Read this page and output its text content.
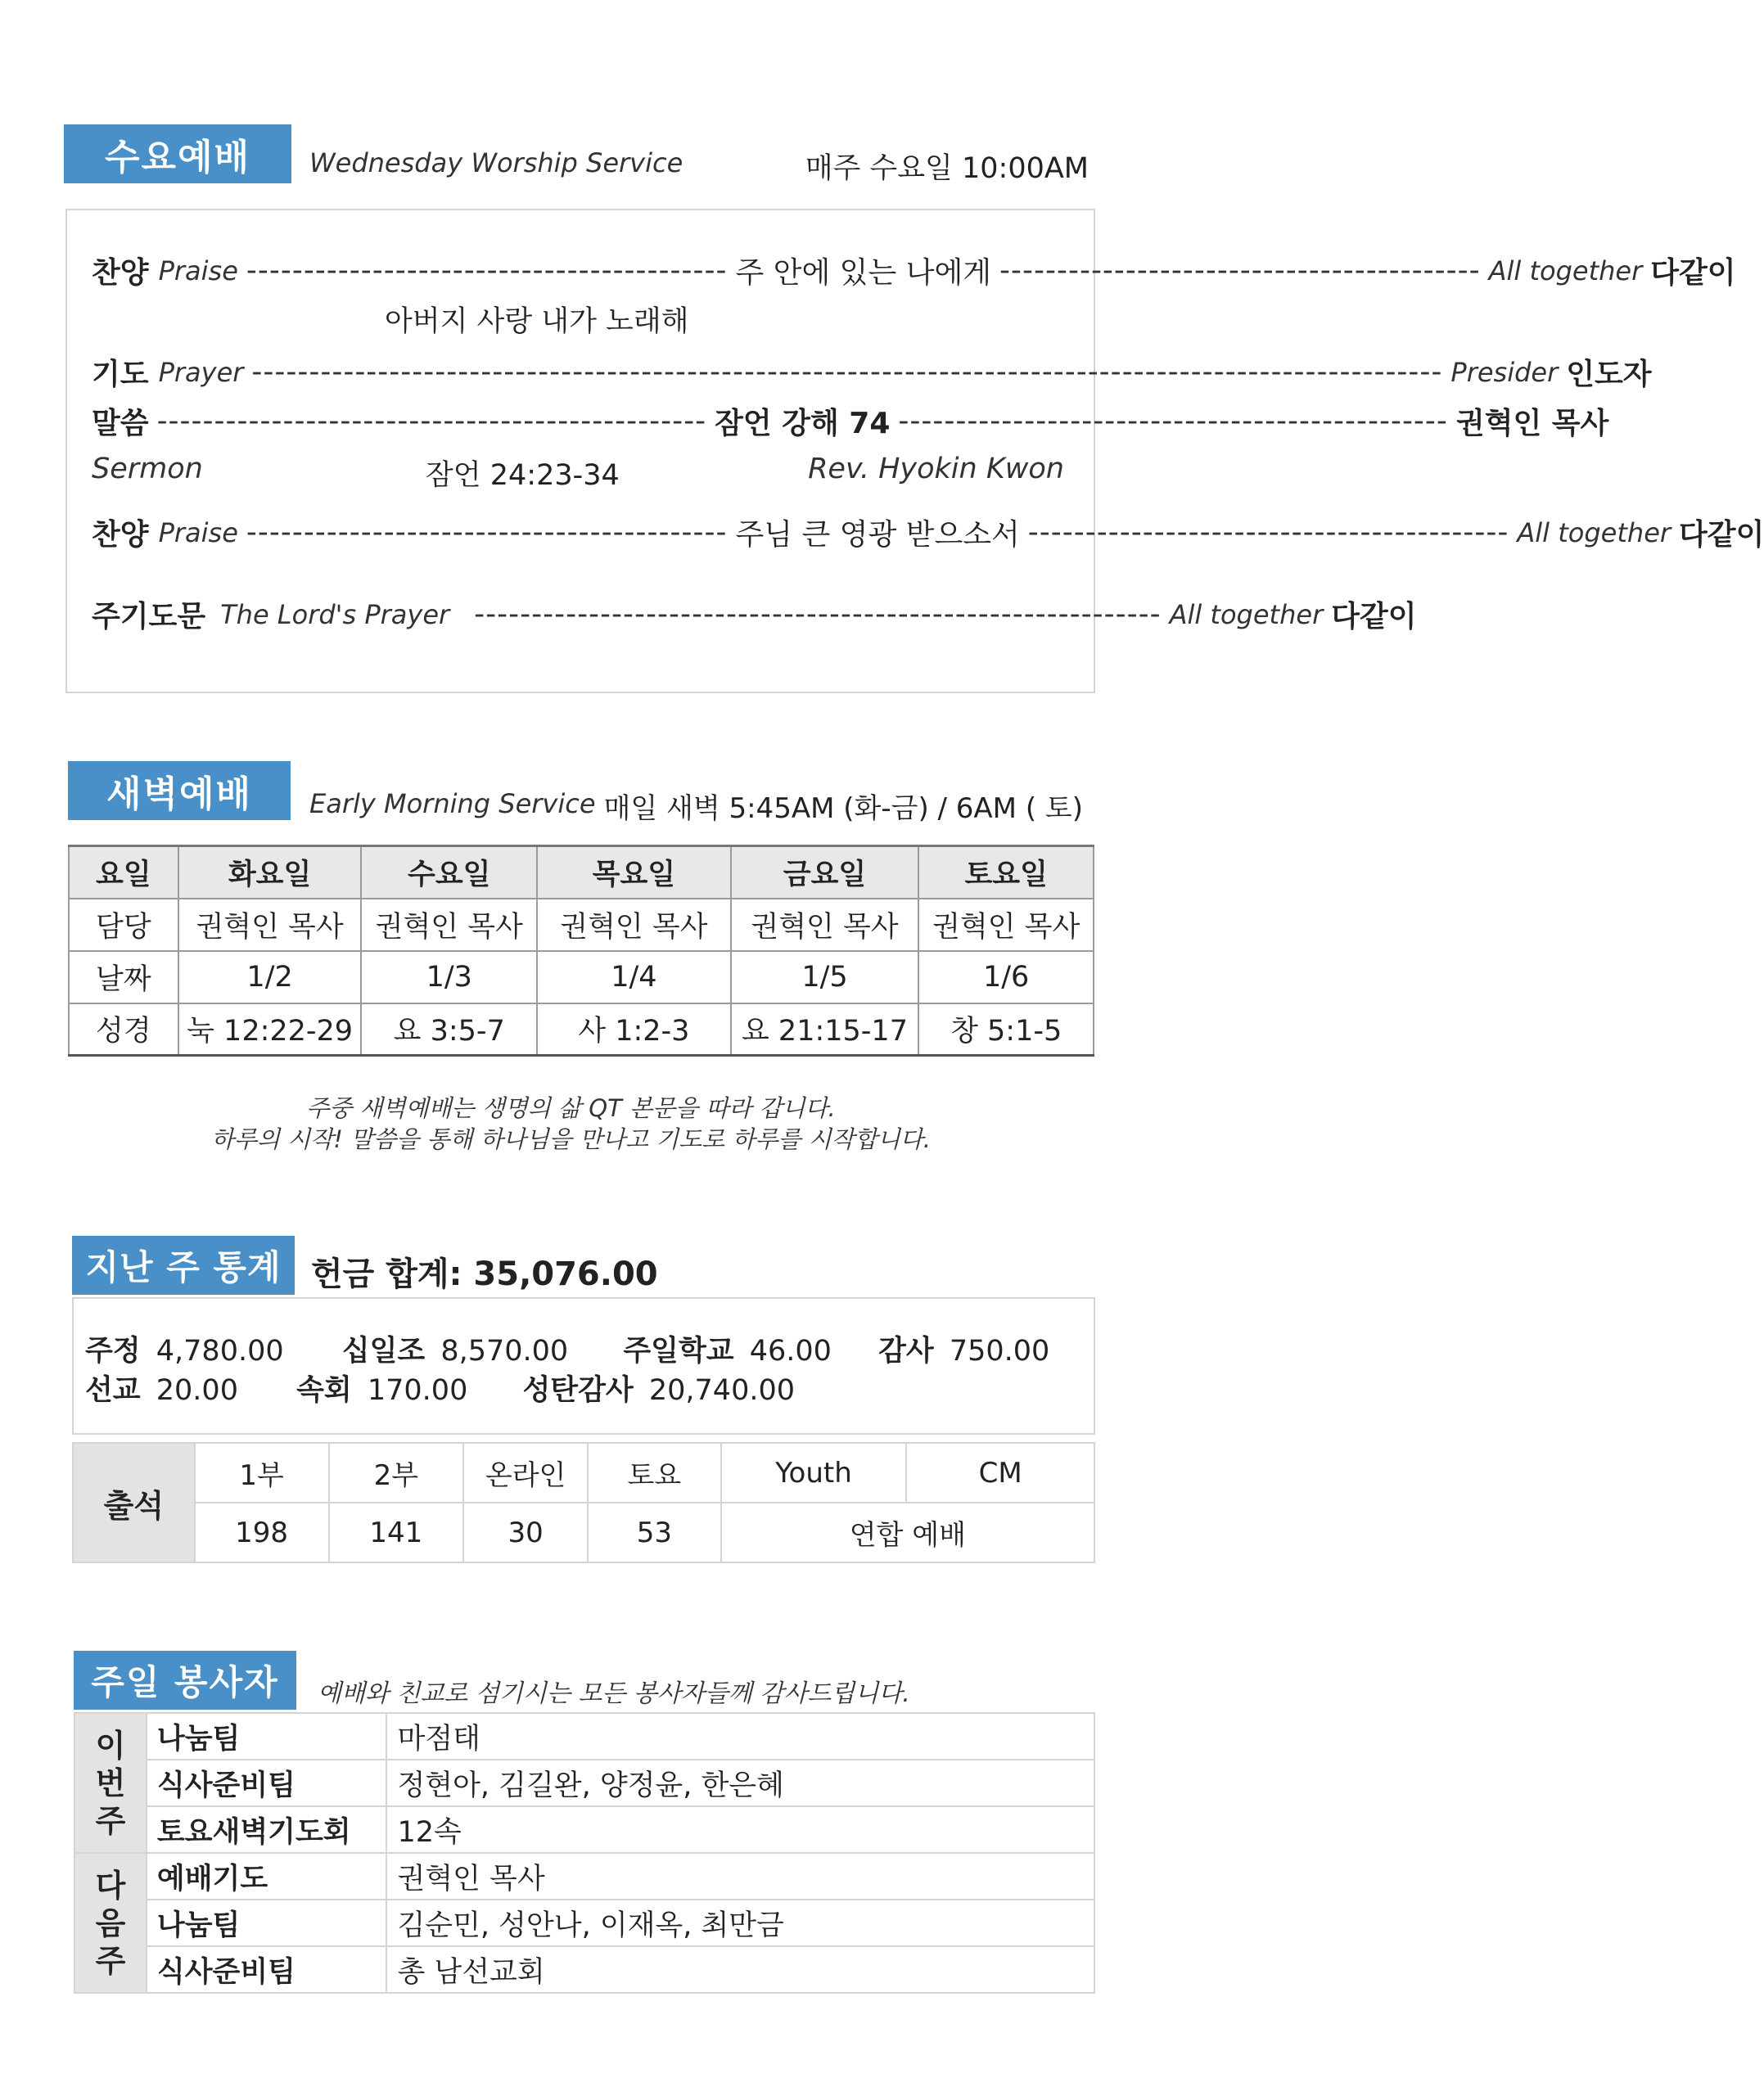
수요예배	Wednesday Worship Service	매주 수요일 10:00AM
찬양 Praise ------------------------------------------ 주 안에 있는 나에게 ------------------------------------------ All together 다같이
아버지 사랑 내가 노래해
기도 Prayer -------------------------------------------------------------------------------------------------------- Presider 인도자
말씀 ------------------------------------------------ 잠언 강해 74 ------------------------------------------------ 권혁인 목사
Sermon	잠언 24:23-34	Rev. Hyokin Kwon
찬양 Praise ------------------------------------------ 주님 큰 영광 받으소서 ------------------------------------------ All together 다같이
주기도문 The Lord's Prayer ------------------------------------------------------------ All together 다같이
새벽예배	Early Morning Service 매일 새벽 5:45AM (화-금) / 6AM ( 토)
요일	화요일	수요일	목요일	금요일	토요일
담당	권혁인 목사	권혁인 목사	권혁인 목사	권혁인 목사	권혁인 목사
날짜	1/2	1/3	1/4	1/5	1/6
성경	눅 12:22-29	요 3:5-7	사 1:2-3	요 21:15-17	창 5:1-5
주중 새벽예배는 생명의 삶 QT 본문을 따라 갑니다.
하루의 시작! 말씀을 통해 하나님을 만나고 기도로 하루를 시작합니다.
지난 주 통계 헌금 합계: 35,076.00
주정 4,780.00 십일조 8,570.00 주일학교 46.00 감사 750.00
선교 20.00 속회 170.00 성탄감사 20,740.00
출석	1부	2부	온라인	토요	Youth	CM
	198	141	30	53	연합 예배	
주일 봉사자	예배와 친교로 섬기시는 모든 봉사자들께 감사드립니다.
이
번
주	나눔팀	마점태
	식사준비팀	정현아, 김길완, 양정윤, 한은혜
	토요새벽기도회	12속
다
음
주	예배기도	권혁인 목사
	나눔팀	김순민, 성안나, 이재옥, 최만금
	식사준비팀	총 남선교회
